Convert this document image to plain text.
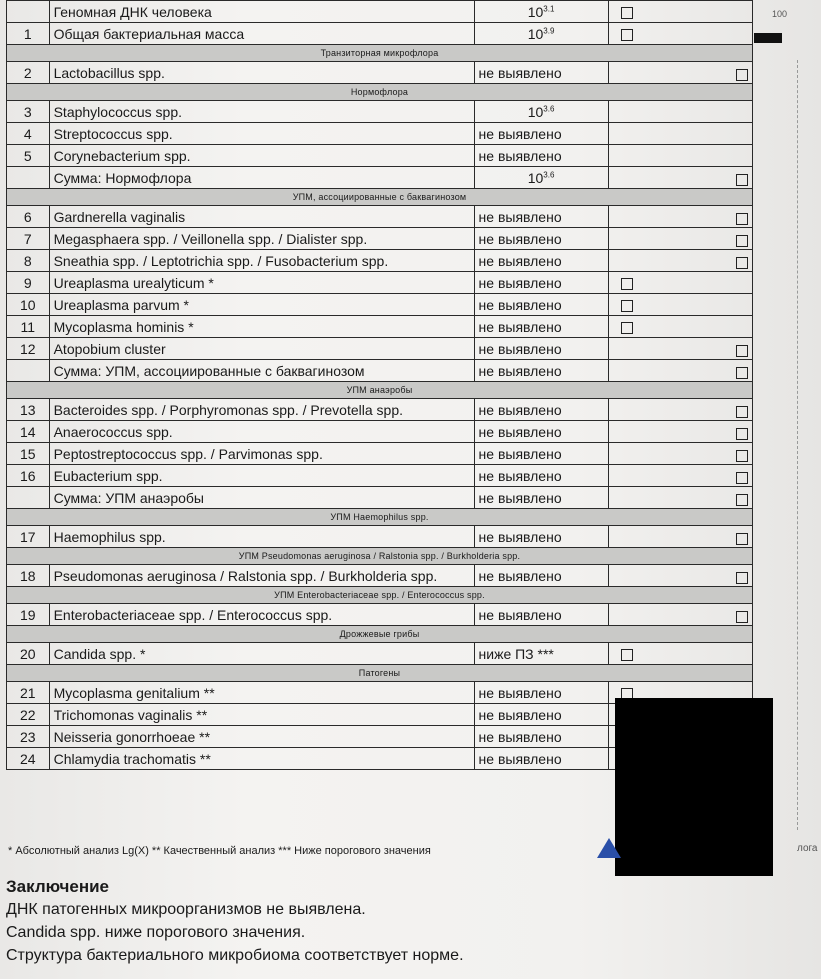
	Геномная ДНК человека	$10^{3.1}$	
1	Общая бактериальная масса	$10^{3.9}$	
Транзиторная микрофлора			
2	Lactobacillus spp.	не выявлено	

Нормофлора			
3	Staphylococcus spp.	$10^{3.6}$	
4	Streptococcus spp.	не выявлено	
5	Corynebacterium spp.	не выявлено	
	Сумма: Нормофлора	$10^{3.6}$	

УПМ, ассоциированные с баквагинозом			
6	Gardnerella vaginalis	не выявлено	

7	Megasphaera spp. / Veillonella spp. / Dialister spp.	не выявлено	

8	Sneathia spp. / Leptotrichia spp. / Fusobacterium spp.	не выявлено	

9	Ureaplasma urealyticum *	не выявлено	
10	Ureaplasma parvum *	не выявлено	
11	Mycoplasma hominis *	не выявлено	
12	Atopobium cluster	не выявлено	

	Сумма: УПМ, ассоциированные с баквагинозом	не выявлено	

УПМ анаэробы			
13	Bacteroides spp. / Porphyromonas spp. / Prevotella spp.	не выявлено	

14	Anaerococcus spp.	не выявлено	

15	Peptostreptococcus spp. / Parvimonas spp.	не выявлено	

16	Eubacterium spp.	не выявлено	

	Сумма: УПМ анаэробы	не выявлено	

УПМ Haemophilus spp.			
17	Haemophilus spp.	не выявлено	

УПМ Pseudomonas aeruginosa / Ralstonia spp. / Burkholderia spp.			
18	Pseudomonas aeruginosa / Ralstonia spp. / Burkholderia spp.	не выявлено	

УПМ Enterobacteriaceae spp. / Enterococcus spp.			
19	Enterobacteriaceae spp. / Enterococcus spp.	не выявлено	

Дрожжевые грибы			
20	Candida spp. *	ниже ПЗ ***	
Патогены			
21	Mycoplasma genitalium **	не выявлено	
22	Trichomonas vaginalis **	не выявлено	
23	Neisseria gonorrhoeae **	не выявлено	
24	Chlamydia trachomatis **	не выявлено	
* Абсолютный анализ Lg(X) ** Качественный анализ *** Ниже порогового значения
Заключение
ДНК патогенных микроорганизмов не выявлена.
Candida spp. ниже порогового значения.
Структура бактериального микробиома соответствует норме.
100
лога
